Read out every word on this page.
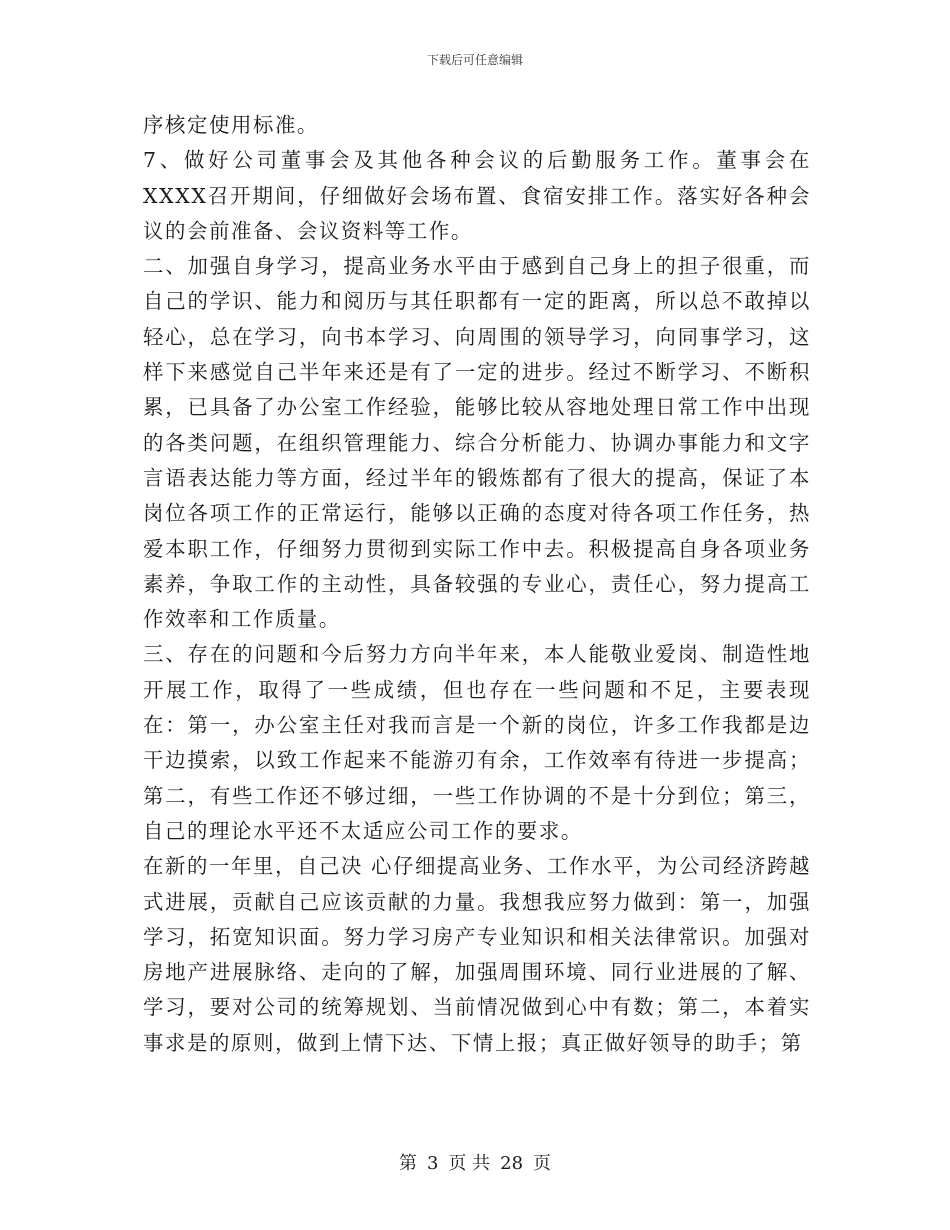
下载后可任意编辑

序核定使用标准。

7、做好公司董事会及其他各种会议的后勤服务工作。董事会在XXXX召开期间，仔细做好会场布置、食宿安排工作。落实好各种会议的会前准备、会议资料等工作。

二、加强自身学习，提高业务水平由于感到自己身上的担子很重，而自己的学识、能力和阅历与其任职都有一定的距离，所以总不敢掉以轻心，总在学习，向书本学习、向周围的领导学习，向同事学习，这样下来感觉自己半年来还是有了一定的进步。经过不断学习、不断积累，已具备了办公室工作经验，能够比较从容地处理日常工作中出现的各类问题，在组织管理能力、综合分析能力、协调办事能力和文字言语表达能力等方面，经过半年的锻炼都有了很大的提高，保证了本岗位各项工作的正常运行，能够以正确的态度对待各项工作任务，热爱本职工作，仔细努力贯彻到实际工作中去。积极提高自身各项业务素养，争取工作的主动性，具备较强的专业心，责任心，努力提高工作效率和工作质量。

三、存在的问题和今后努力方向半年来，本人能敬业爱岗、制造性地开展工作，取得了一些成绩，但也存在一些问题和不足，主要表现在：第一，办公室主任对我而言是一个新的岗位，许多工作我都是边干边摸索，以致工作起来不能游刃有余，工作效率有待进一步提高；第二，有些工作还不够过细，一些工作协调的不是十分到位；第三，自己的理论水平还不太适应公司工作的要求。

在新的一年里，自己决 心仔细提高业务、工作水平，为公司经济跨越式进展，贡献自己应该贡献的力量。我想我应努力做到：第一，加强学习，拓宽知识面。努力学习房产专业知识和相关法律常识。加强对房地产进展脉络、走向的了解，加强周围环境、同行业进展的了解、学习，要对公司的统筹规划、当前情况做到心中有数；第二，本着实事求是的原则，做到上情下达、下情上报；真正做好领导的助手；第

第 3 页 共 28 页
